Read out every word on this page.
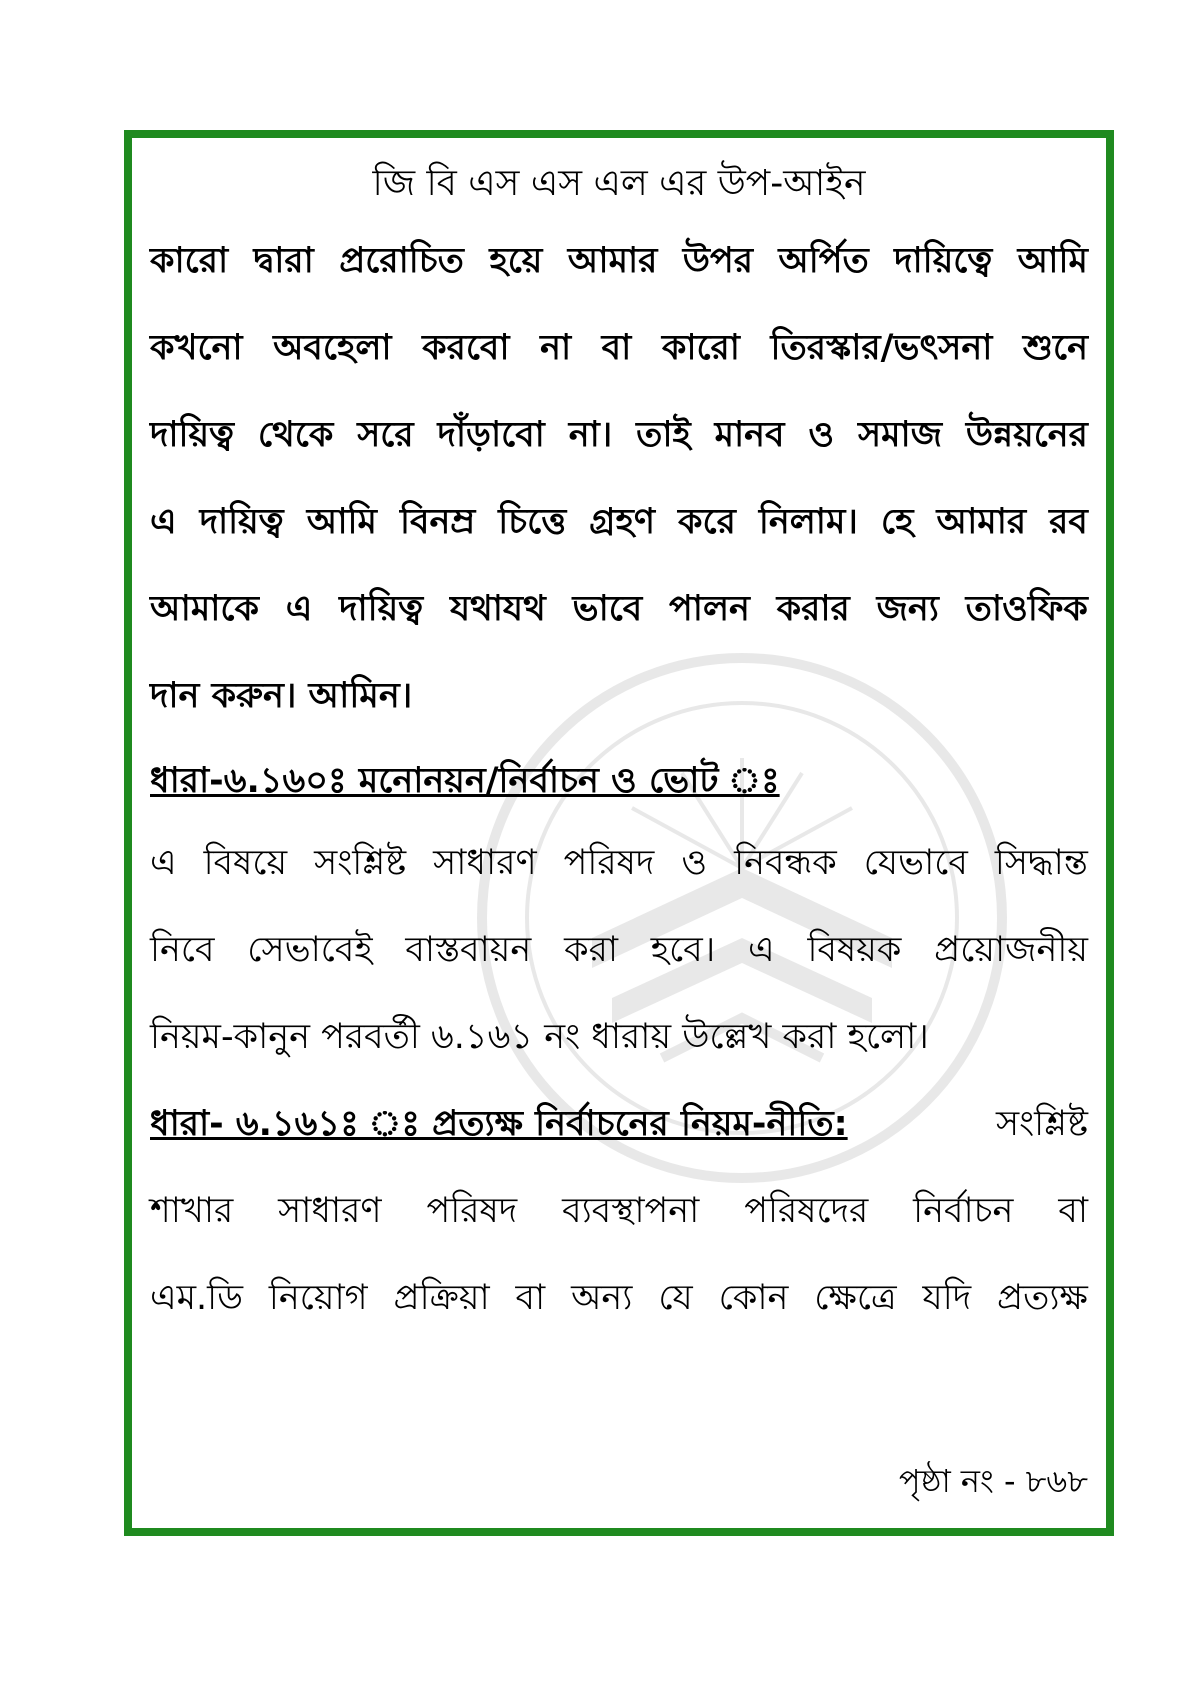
জি বি এস এস এল এর উপ-আইন
কারো দ্বারা প্ররোচিত হয়ে আমার উপর অর্পিত দায়িত্বে আমি
কখনো অবহেলা করবো না বা কারো তিরস্কার/ভৎসনা শুনে
দায়িত্ব থেকে সরে দাঁড়াবো না। তাই মানব ও সমাজ উন্নয়নের
এ দায়িত্ব আমি বিনম্র চিত্তে গ্রহণ করে নিলাম। হে আমার রব
আমাকে এ দায়িত্ব যথাযথ ভাবে পালন করার জন্য তাওফিক
দান করুন। আমিন।
ধারা-৬.১৬০ঃ মনোনয়ন/নির্বাচন ও ভোট ঃ
এ বিষয়ে সংশ্লিষ্ট সাধারণ পরিষদ ও নিবন্ধক যেভাবে সিদ্ধান্ত
নিবে সেভাবেই বাস্তবায়ন করা হবে। এ বিষয়ক প্রয়োজনীয়
নিয়ম-কানুন পরবর্তী ৬.১৬১ নং ধারায় উল্লেখ করা হলো।
ধারা- ৬.১৬১ঃ ঃ প্রত্যক্ষ নির্বাচনের নিয়ম-নীতি:	সংশ্লিষ্ট
শাখার সাধারণ পরিষদ ব্যবস্থাপনা পরিষদের নির্বাচন বা
এম.ডি নিয়োগ প্রক্রিয়া বা অন্য যে কোন ক্ষেত্রে যদি প্রত্যক্ষ
পৃষ্ঠা নং - ৮৬৮
